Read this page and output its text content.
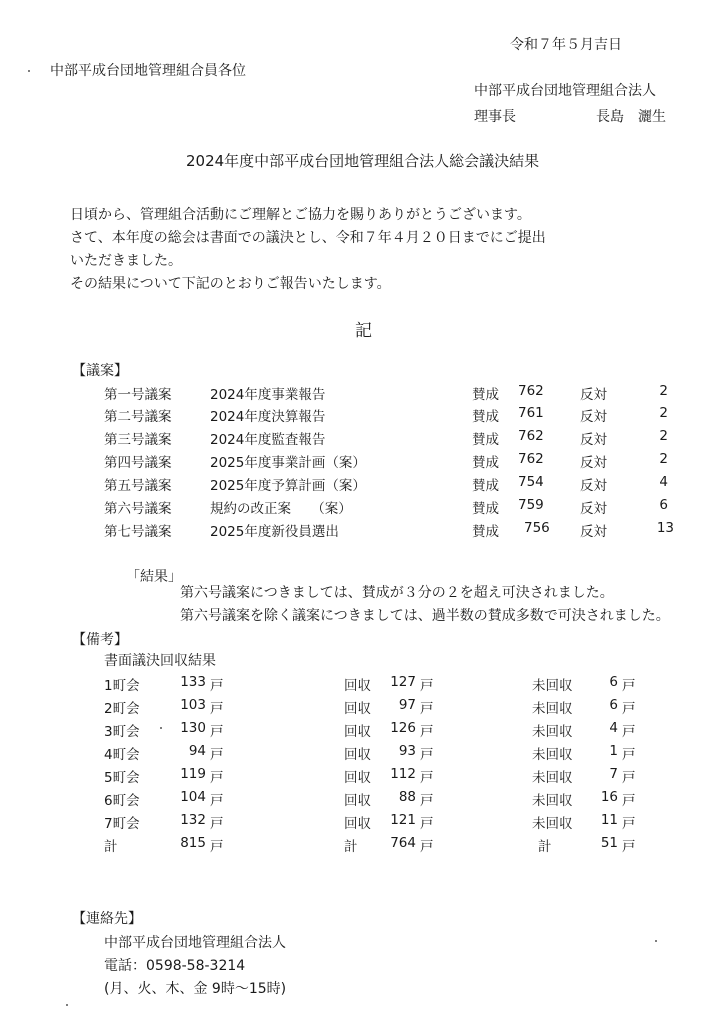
令和７年５月吉日
中部平成台団地管理組合員各位
中部平成台団地管理組合法人
理事長	長島　灑生
2024年度中部平成台団地管理組合法人総会議決結果
日頃から、管理組合活動にご理解とご協力を賜りありがとうございます。
さて、本年度の総会は書面での議決とし、令和７年４月２０日までにご提出
いただきました。
その結果について下記のとおりご報告いたします。
記
【議案】
第一号議案	2024年度事業報告	賛成 762	反対	2
第二号議案	2024年度決算報告	賛成 761	反対	2
第三号議案	2024年度監査報告	賛成 762	反対	2
第四号議案	2025年度事業計画（案）	賛成 762	反対	2
第五号議案	2025年度予算計画（案）	賛成 754	反対	4
第六号議案	規約の改正案　　（案）	賛成 759	反対	6
第七号議案	2025年度新役員選出	賛成 756 反対	13
「結果」
第六号議案につきましては、賛成が３分の２を超え可決されました。
第六号議案を除く議案につきましては、過半数の賛成多数で可決されました。
【備考】
書面議決回収結果
1町会	133 戸	回収	127 戸	未回収	6 戸
2町会	103 戸	回収	97 戸	未回収	6 戸
3町会	130 戸	回収	126 戸	未回収	4 戸
4町会	94 戸	回収	93 戸	未回収	1 戸
5町会	119 戸	回収	112 戸	未回収	7 戸
6町会	104 戸	回収	88 戸	未回収	16 戸
7町会	132 戸	回収	121 戸	未回収	11 戸
計	815 戸	計	764 戸	計	51 戸
【連絡先】
中部平成台団地管理組合法人
電話：0598-58-3214
(月、火、木、金 9時～15時)
